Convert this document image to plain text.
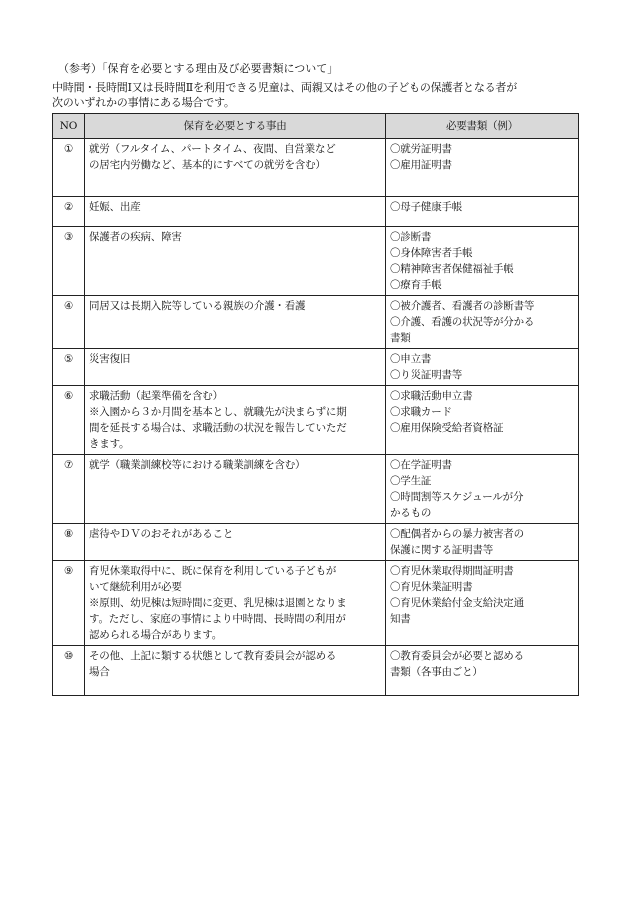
（参考）「保育を必要とする理由及び必要書類について」
中時間・長時間Ⅰ又は長時間Ⅱを利用できる児童は、両親又はその他の子どもの保護者となる者が
次のいずれかの事情にある場合です。
NO	保育を必要とする事由	必要書類（例）
①	就労（フルタイム、パートタイム、夜間、自営業など
の居宅内労働など、基本的にすべての就労を含む）	〇就労証明書
〇雇用証明書

②	妊娠、出産	〇母子健康手帳

③	保護者の疾病、障害	〇診断書
〇身体障害者手帳
〇精神障害者保健福祉手帳
〇療育手帳

④	同居又は長期入院等している親族の介護・看護	〇被介護者、看護者の診断書等
〇介護、看護の状況等が分かる
書類

⑤	災害復旧	〇申立書
〇り災証明書等

⑥	求職活動（起業準備を含む）
※入園から３か月間を基本とし、就職先が決まらずに期
間を延長する場合は、求職活動の状況を報告していただ
きます。	〇求職活動申立書
〇求職カード
〇雇用保険受給者資格証

⑦	就学（職業訓練校等における職業訓練を含む）	〇在学証明書
〇学生証
〇時間割等スケジュールが分
かるもの

⑧	虐待やＤＶのおそれがあること	〇配偶者からの暴力被害者の
保護に関する証明書等

⑨	育児休業取得中に、既に保育を利用している子どもが
いて継続利用が必要
※原則、幼児棟は短時間に変更、乳児棟は退園となりま
す。ただし、家庭の事情により中時間、長時間の利用が
認められる場合があります。	〇育児休業取得期間証明書
〇育児休業証明書
〇育児休業給付金支給決定通
知書

⑩	その他、上記に類する状態として教育委員会が認める
場合	〇教育委員会が必要と認める
書類（各事由ごと）
